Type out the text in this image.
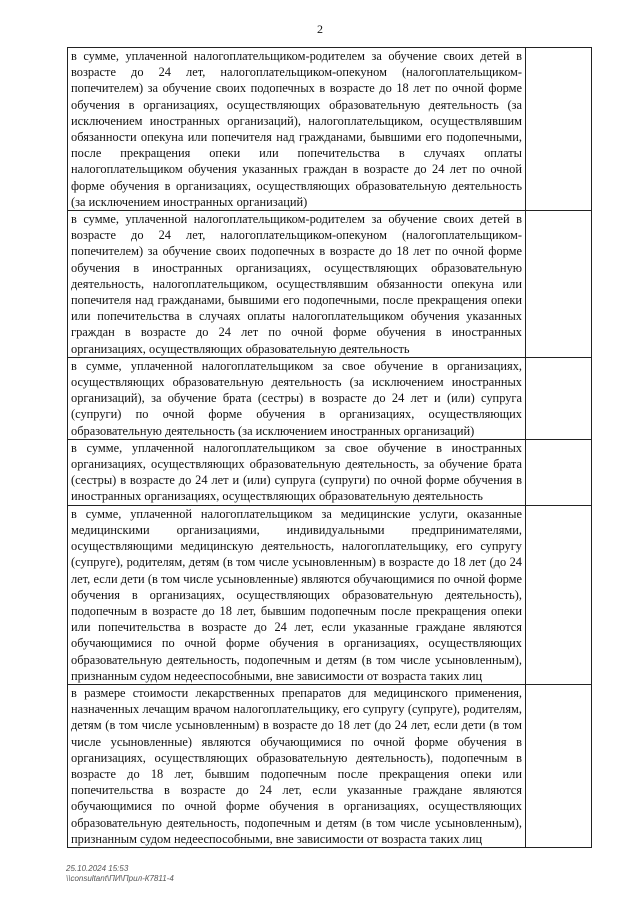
2
в сумме, уплаченной налогоплательщиком-родителем за обучение своих детей в возрасте до 24 лет, налогоплательщиком-опекуном (налогоплательщиком-попечителем) за обучение своих подопечных в возрасте до 18 лет по очной форме обучения в организациях, осуществляющих образовательную деятельность (за исключением иностранных организаций), налогоплательщиком, осуществлявшим обязанности опекуна или попечителя над гражданами, бывшими его подопечными, после прекращения опеки или попечительства в случаях оплаты налогоплательщиком обучения указанных граждан в возрасте до 24 лет по очной форме обучения в организациях, осуществляющих образовательную деятельность (за исключением иностранных организаций)	
в сумме, уплаченной налогоплательщиком-родителем за обучение своих детей в возрасте до 24 лет, налогоплательщиком-опекуном (налогоплательщиком-попечителем) за обучение своих подопечных в возрасте до 18 лет по очной форме обучения в иностранных организациях, осуществляющих образовательную деятельность, налогоплательщиком, осуществлявшим обязанности опекуна или попечителя над гражданами, бывшими его подопечными, после прекращения опеки или попечительства в случаях оплаты налогоплательщиком обучения указанных граждан в возрасте до 24 лет по очной форме обучения в иностранных организациях, осуществляющих образовательную деятельность	
в сумме, уплаченной налогоплательщиком за свое обучение в организациях, осуществляющих образовательную деятельность (за исключением иностранных организаций), за обучение брата (сестры) в возрасте до 24 лет и (или) супруга (супруги) по очной форме обучения в организациях, осуществляющих образовательную деятельность (за исключением иностранных организаций)	
в сумме, уплаченной налогоплательщиком за свое обучение в иностранных организациях, осуществляющих образовательную деятельность, за обучение брата (сестры) в возрасте до 24 лет и (или) супруга (супруги) по очной форме обучения в иностранных организациях, осуществляющих образовательную деятельность	
в сумме, уплаченной налогоплательщиком за медицинские услуги, оказанные медицинскими организациями, индивидуальными предпринимателями, осуществляющими медицинскую деятельность, налогоплательщику, его супругу (супруге), родителям, детям (в том числе усыновленным) в возрасте до 18 лет (до 24 лет, если дети (в том числе усыновленные) являются обучающимися по очной форме обучения в организациях, осуществляющих образовательную деятельность), подопечным в возрасте до 18 лет, бывшим подопечным после прекращения опеки или попечительства в возрасте до 24 лет, если указанные граждане являются обучающимися по очной форме обучения в организациях, осуществляющих образовательную деятельность, подопечным и детям (в том числе усыновленным), признанным судом недееспособными, вне зависимости от возраста таких лиц	
в размере стоимости лекарственных препаратов для медицинского применения, назначенных лечащим врачом налогоплательщику, его супругу (супруге), родителям, детям (в том числе усыновленным) в возрасте до 18 лет (до 24 лет, если дети (в том числе усыновленные) являются обучающимися по очной форме обучения в организациях, осуществляющих образовательную деятельность), подопечным в возрасте до 18 лет, бывшим подопечным после прекращения опеки или попечительства в возрасте до 24 лет, если указанные граждане являются обучающимися по очной форме обучения в организациях, осуществляющих образовательную деятельность, подопечным и детям (в том числе усыновленным), признанным судом недееспособными, вне зависимости от возраста таких лиц	
25.10.2024 15:53
\\consultant\ПИ\Прил-К7811-4
